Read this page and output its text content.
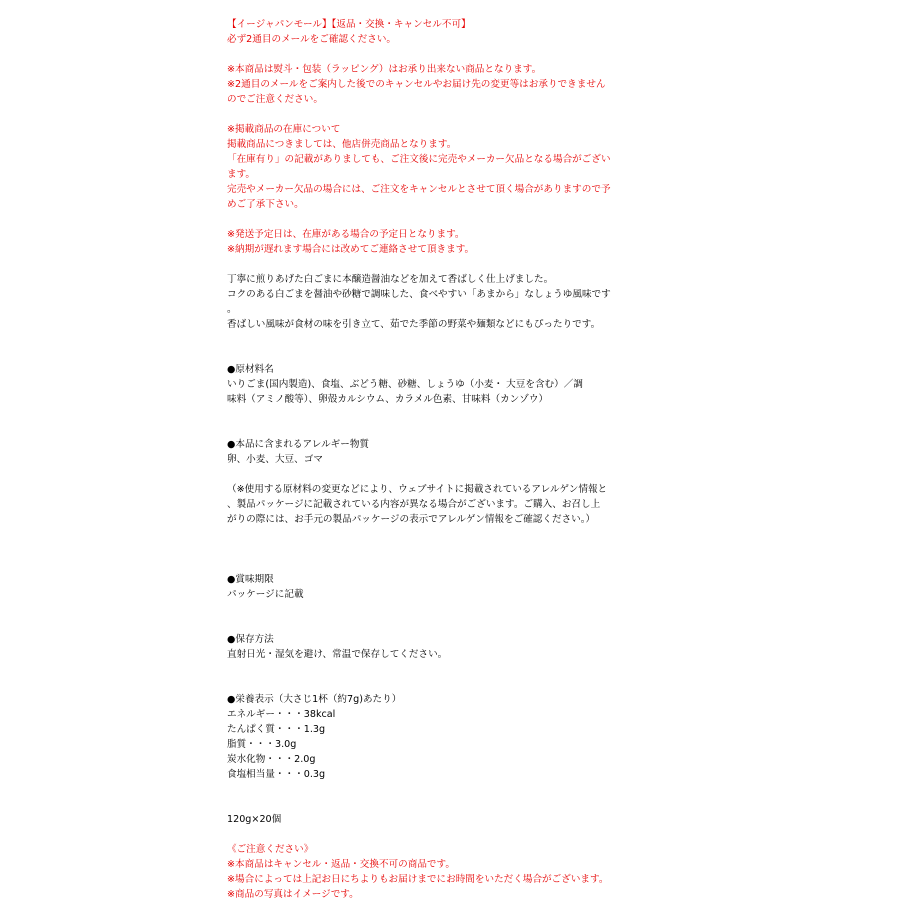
【イージャパンモール】【返品・交換・キャンセル不可】
必ず2通目のメールをご確認ください。
※本商品は熨斗・包装（ラッピング）はお承り出来ない商品となります。
※2通目のメールをご案内した後でのキャンセルやお届け先の変更等はお承りできません
のでご注意ください。
※掲載商品の在庫について
掲載商品につきましては、他店併売商品となります。
「在庫有り」の記載がありましても、ご注文後に完売やメーカー欠品となる場合がござい
ます。
完売やメーカー欠品の場合には、ご注文をキャンセルとさせて頂く場合がありますので予
めご了承下さい。
※発送予定日は、在庫がある場合の予定日となります。
※納期が遅れます場合には改めてご連絡させて頂きます。
丁寧に煎りあげた白ごまに本醸造醤油などを加えて香ばしく仕上げました。
コクのある白ごまを醤油や砂糖で調味した、食べやすい「あまから」なしょうゆ風味です
。
香ばしい風味が食材の味を引き立て、茹でた季節の野菜や麺類などにもぴったりです。
●原材料名
いりごま(国内製造)、食塩、ぶどう糖、砂糖、しょうゆ（小麦・ 大豆を含む）／調
味料（アミノ酸等）、卵殻カルシウム、カラメル色素、甘味料（カンゾウ）
●本品に含まれるアレルギー物質
卵、小麦、大豆、ゴマ
（※使用する原材料の変更などにより、ウェブサイトに掲載されているアレルゲン情報と
、製品パッケージに記載されている内容が異なる場合がございます。ご購入、お召し上
がりの際には、お手元の製品パッケージの表示でアレルゲン情報をご確認ください。）
●賞味期限
パッケージに記載
●保存方法
直射日光・湿気を避け、常温で保存してください。
●栄養表示（大さじ1杯（約7g)あたり）
エネルギー・・・38kcal
たんぱく質・・・1.3g
脂質・・・3.0g
炭水化物・・・2.0g
食塩相当量・・・0.3g
120g×20個
《ご注意ください》
※本商品はキャンセル・返品・交換不可の商品です。
※場合によっては上記お日にちよりもお届けまでにお時間をいただく場合がございます。
※商品の写真はイメージです。
